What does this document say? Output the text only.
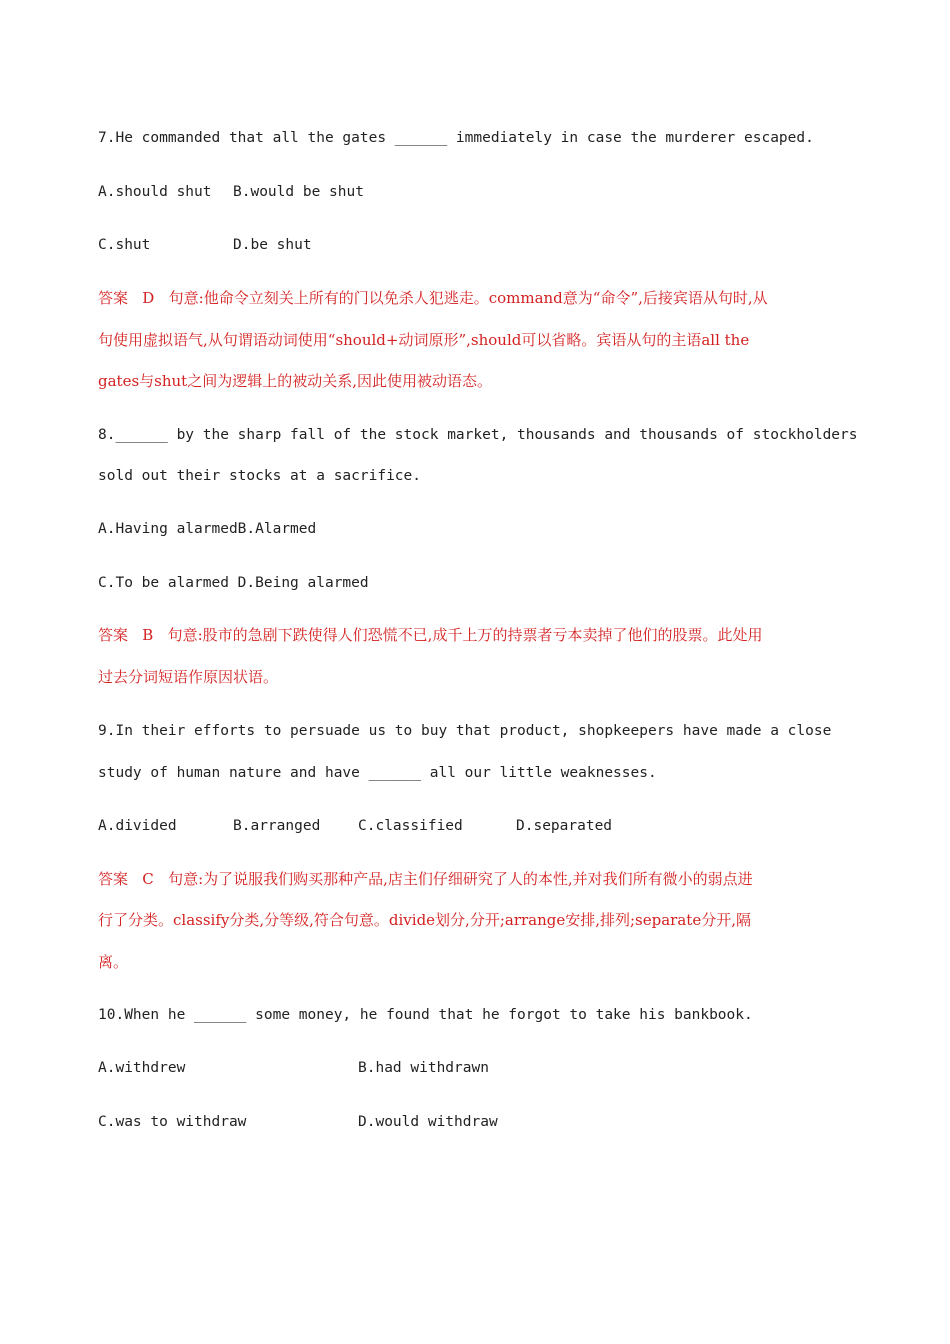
7.He commanded that all the gates ______ immediately in case the murderer escaped.
A.should shut B.would be shut
C.shut	D.be shut
答案   D   句意:他命令立刻关上所有的门以免杀人犯逃走。command意为“命令”,后接宾语从句时,从
句使用虚拟语气,从句谓语动词使用“should+动词原形”,should可以省略。宾语从句的主语all the
gates与shut之间为逻辑上的被动关系,因此使用被动语态。
8.______ by the sharp fall of the stock market, thousands and thousands of stockholders
sold out their stocks at a sacrifice.
A.Having alarmedB.Alarmed
C.To be alarmed D.Being alarmed
答案   B   句意:股市的急剧下跌使得人们恐慌不已,成千上万的持票者亏本卖掉了他们的股票。此处用
过去分词短语作原因状语。
9.In their efforts to persuade us to buy that product, shopkeepers have made a close
study of human nature and have ______ all our little weaknesses.
A.divided	B.arranged	C.classified	D.separated
答案   C   句意:为了说服我们购买那种产品,店主们仔细研究了人的本性,并对我们所有微小的弱点进
行了分类。classify分类,分等级,符合句意。divide划分,分开;arrange安排,排列;separate分开,隔
离。
10.When he ______ some money, he found that he forgot to take his bankbook.
A.withdrew	B.had withdrawn
C.was to withdraw	D.would withdraw
